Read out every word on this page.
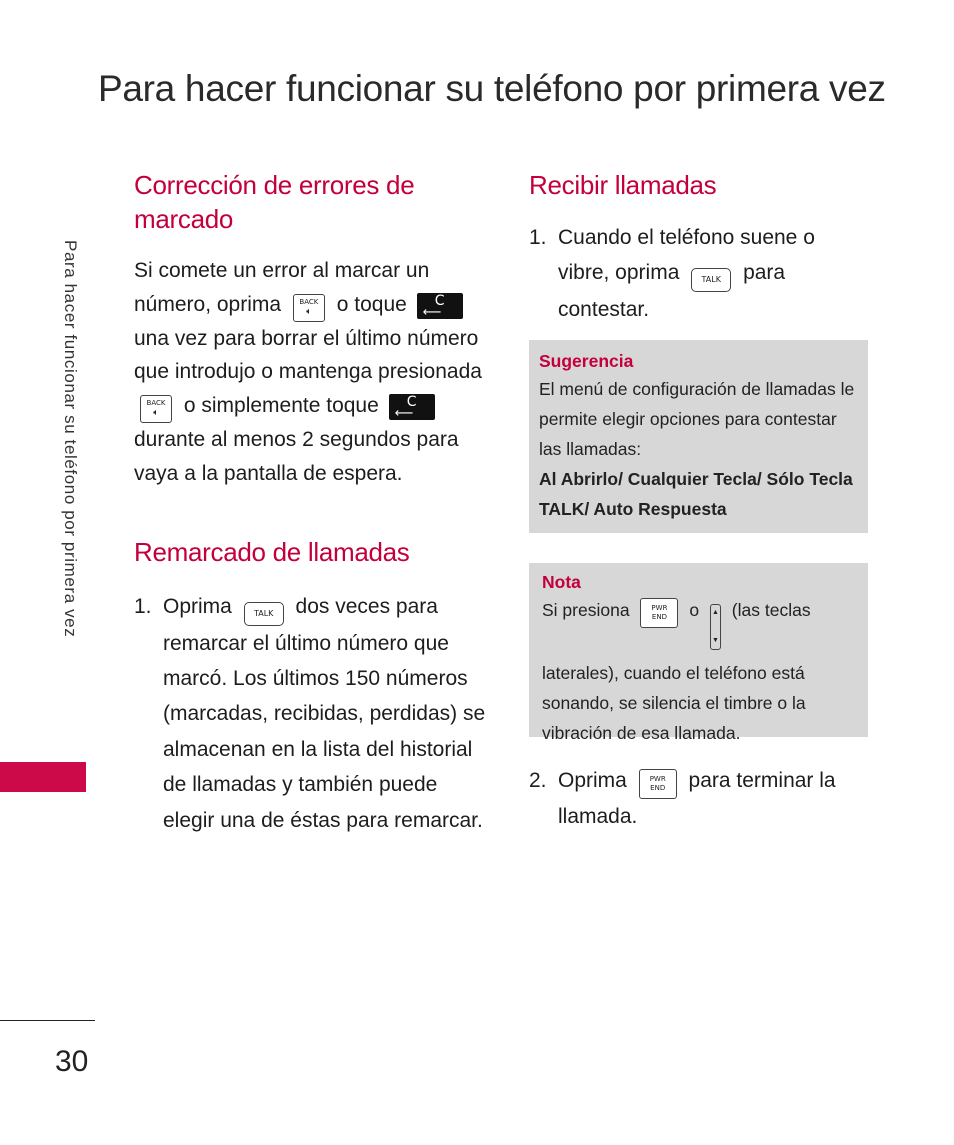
Para hacer funcionar su teléfono por primera vez
Para hacer funcionar su teléfono por primera vez
30
Corrección de errores de marcado
Si comete un error al marcar un número, oprima	BACK
🔈︎	o toque	C
⟵
una vez para borrar el último número que introdujo o mantenga presionada BACK
🔈︎	o simplemente toque	C
⟵
durante al menos 2 segundos para vaya a la pantalla de espera.
Remarcado de llamadas
1. Oprima	TALK dos veces para remarcar el último número que marcó. Los últimos 150 números (marcadas, recibidas, perdidas) se almacenan en la lista del historial de llamadas y también puede elegir una de éstas para remarcar.
Recibir llamadas
1. Cuando el teléfono suene o vibre, oprima	TALK para contestar.
Sugerencia
El menú de configuración de llamadas le permite elegir opciones para contestar las llamadas:
Al Abrirlo/ Cualquier Tecla/ Sólo Tecla TALK/ Auto Respuesta
Nota
Si presiona	PWR
END o ▲
▼
(las teclas laterales), cuando el teléfono está sonando, se silencia el timbre o la vibración de esa llamada.
2. Oprima	PWR
END para terminar la llamada.
